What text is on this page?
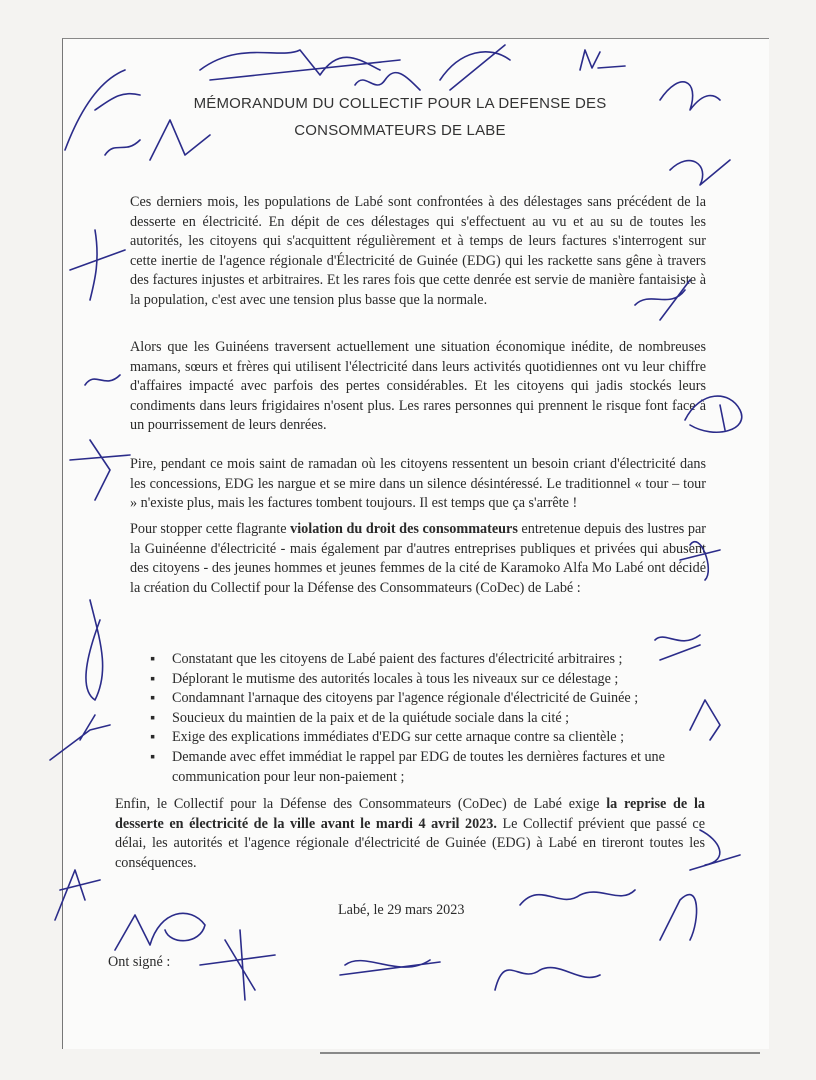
MÉMORANDUM DU COLLECTIF POUR LA DEFENSE DES
CONSOMMATEURS DE LABE
Ces derniers mois, les populations de Labé sont confrontées à des délestages sans précédent de la desserte en électricité. En dépit de ces délestages qui s'effectuent au vu et au su de toutes les autorités, les citoyens qui s'acquittent régulièrement et à temps de leurs factures s'interrogent sur cette inertie de l'agence régionale d'Électricité de Guinée (EDG) qui les rackette sans gêne à travers des factures injustes et arbitraires. Et les rares fois que cette denrée est servie de manière fantaisiste à la population, c'est avec une tension plus basse que la normale.
Alors que les Guinéens traversent actuellement une situation économique inédite, de nombreuses mamans, sœurs et frères qui utilisent l'électricité dans leurs activités quotidiennes ont vu leur chiffre d'affaires impacté avec parfois des pertes considérables. Et les citoyens qui jadis stockés leurs condiments dans leurs frigidaires n'osent plus. Les rares personnes qui prennent le risque font face à un pourrissement de leurs denrées.
Pire, pendant ce mois saint de ramadan où les citoyens ressentent un besoin criant d'électricité dans les concessions, EDG les nargue et se mire dans un silence désintéressé. Le traditionnel « tour – tour » n'existe plus, mais les factures tombent toujours. Il est temps que ça s'arrête !
Pour stopper cette flagrante violation du droit des consommateurs entretenue depuis des lustres par la Guinéenne d'électricité - mais également par d'autres entreprises publiques et privées qui abusent des citoyens - des jeunes hommes et jeunes femmes de la cité de Karamoko Alfa Mo Labé ont décidé la création du Collectif pour la Défense des Consommateurs (CoDec) de Labé :
▪ Constatant que les citoyens de Labé paient des factures d'électricité arbitraires ;
▪ Déplorant le mutisme des autorités locales à tous les niveaux sur ce délestage ;
▪ Condamnant l'arnaque des citoyens par l'agence régionale d'électricité de Guinée ;
▪ Soucieux du maintien de la paix et de la quiétude sociale dans la cité ;
▪ Exige des explications immédiates d'EDG sur cette arnaque contre sa clientèle ;
▪ Demande avec effet immédiat le rappel par EDG de toutes les dernières factures et une communication pour leur non-paiement ;
Enfin, le Collectif pour la Défense des Consommateurs (CoDec) de Labé exige la reprise de la desserte en électricité de la ville avant le mardi 4 avril 2023. Le Collectif prévient que passé ce délai, les autorités et l'agence régionale d'électricité de Guinée (EDG) à Labé en tireront toutes les conséquences.
Labé, le 29 mars 2023
Ont signé :
